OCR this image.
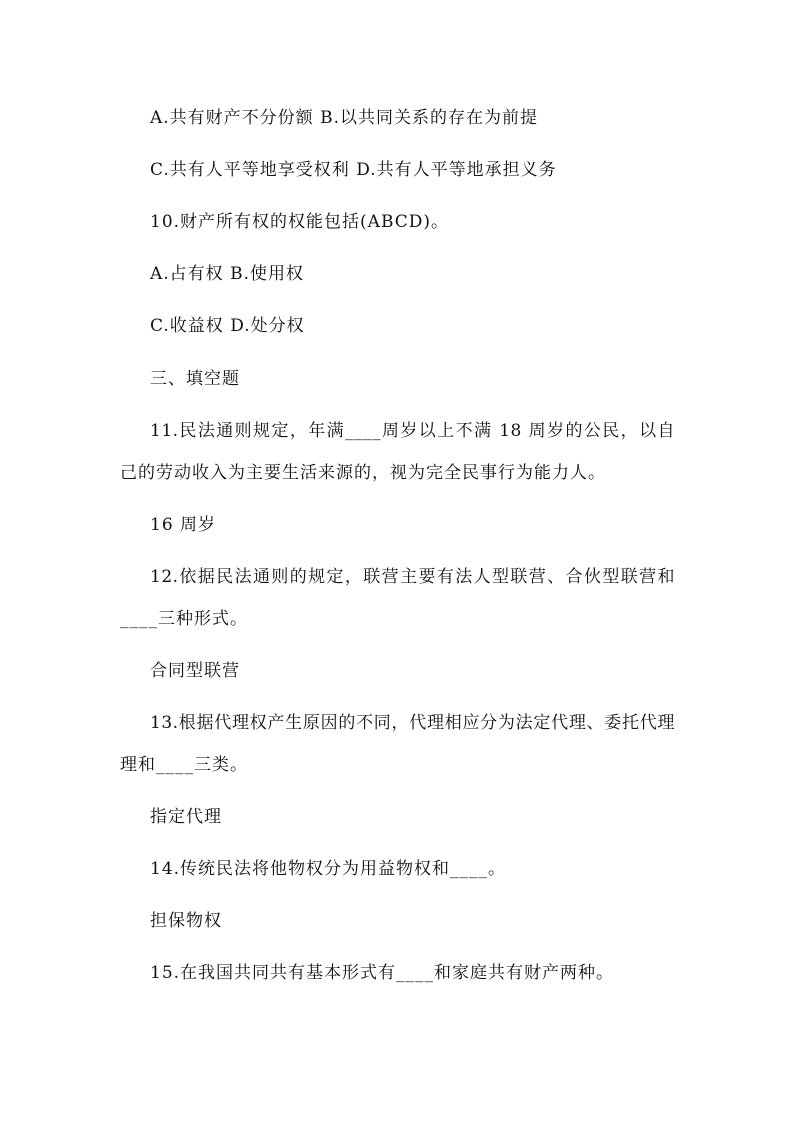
A.共有财产不分份额 B.以共同关系的存在为前提
C.共有人平等地享受权利 D.共有人平等地承担义务
10.财产所有权的权能包括(ABCD)。
A.占有权 B.使用权
C.收益权 D.处分权
三、填空题
11.民法通则规定，年满____周岁以上不满 18 周岁的公民，以自
己的劳动收入为主要生活来源的，视为完全民事行为能力人。
16 周岁
12.依据民法通则的规定，联营主要有法人型联营、合伙型联营和
____三种形式。
合同型联营
13.根据代理权产生原因的不同，代理相应分为法定代理、委托代理
理和____三类。
指定代理
14.传统民法将他物权分为用益物权和____。
担保物权
15.在我国共同共有基本形式有____和家庭共有财产两种。
